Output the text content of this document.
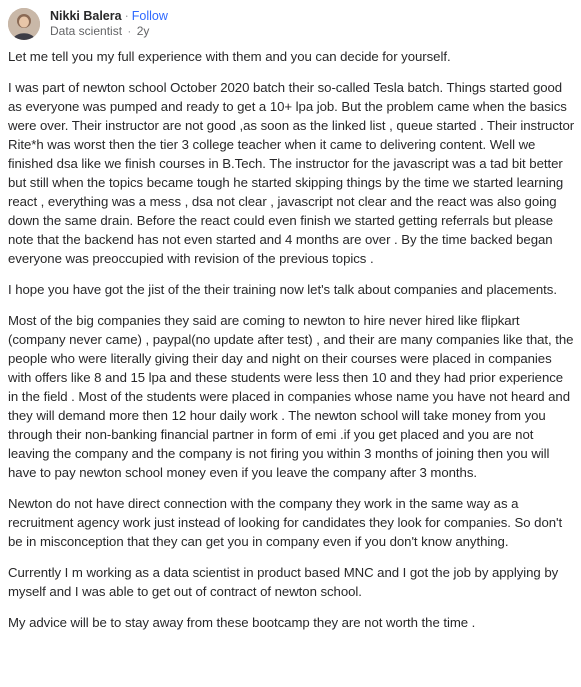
Nikki Balera · Follow
Data scientist · 2y

Let me tell you my full experience with them and you can decide for yourself.

I was part of newton school October 2020 batch their so-called Tesla batch. Things started good as everyone was pumped and ready to get a 10+ lpa job. But the problem came when the basics were over. Their instructor are not good ,as soon as the linked list , queue started . Their instructor Rite*h was worst then the tier 3 college teacher when it came to delivering content. Well we finished dsa like we finish courses in B.Tech. The instructor for the javascript was a tad bit better but still when the topics became tough he started skipping things by the time we started learning react , everything was a mess , dsa not clear , javascript not clear and the react was also going down the same drain. Before the react could even finish we started getting referrals but please note that the backend has not even started and 4 months are over . By the time backed began everyone was preoccupied with revision of the previous topics .

I hope you have got the jist of the their training now let's talk about companies and placements.

Most of the big companies they said are coming to newton to hire never hired like flipkart (company never came) , paypal(no update after test) , and their are many companies like that, the people who were literally giving their day and night on their courses were placed in companies with offers like 8 and 15 lpa and these students were less then 10 and they had prior experience in the field . Most of the students were placed in companies whose name you have not heard and they will demand more then 12 hour daily work . The newton school will take money from you through their non-banking financial partner in form of emi .if you get placed and you are not leaving the company and the company is not firing you within 3 months of joining then you will have to pay newton school money even if you leave the company after 3 months.

Newton do not have direct connection with the company they work in the same way as a recruitment agency work just instead of looking for candidates they look for companies. So don't be in misconception that they can get you in company even if you don't know anything.

Currently I m working as a data scientist in product based MNC and I got the job by applying by myself and I was able to get out of contract of newton school.

My advice will be to stay away from these bootcamp they are not worth the time .
